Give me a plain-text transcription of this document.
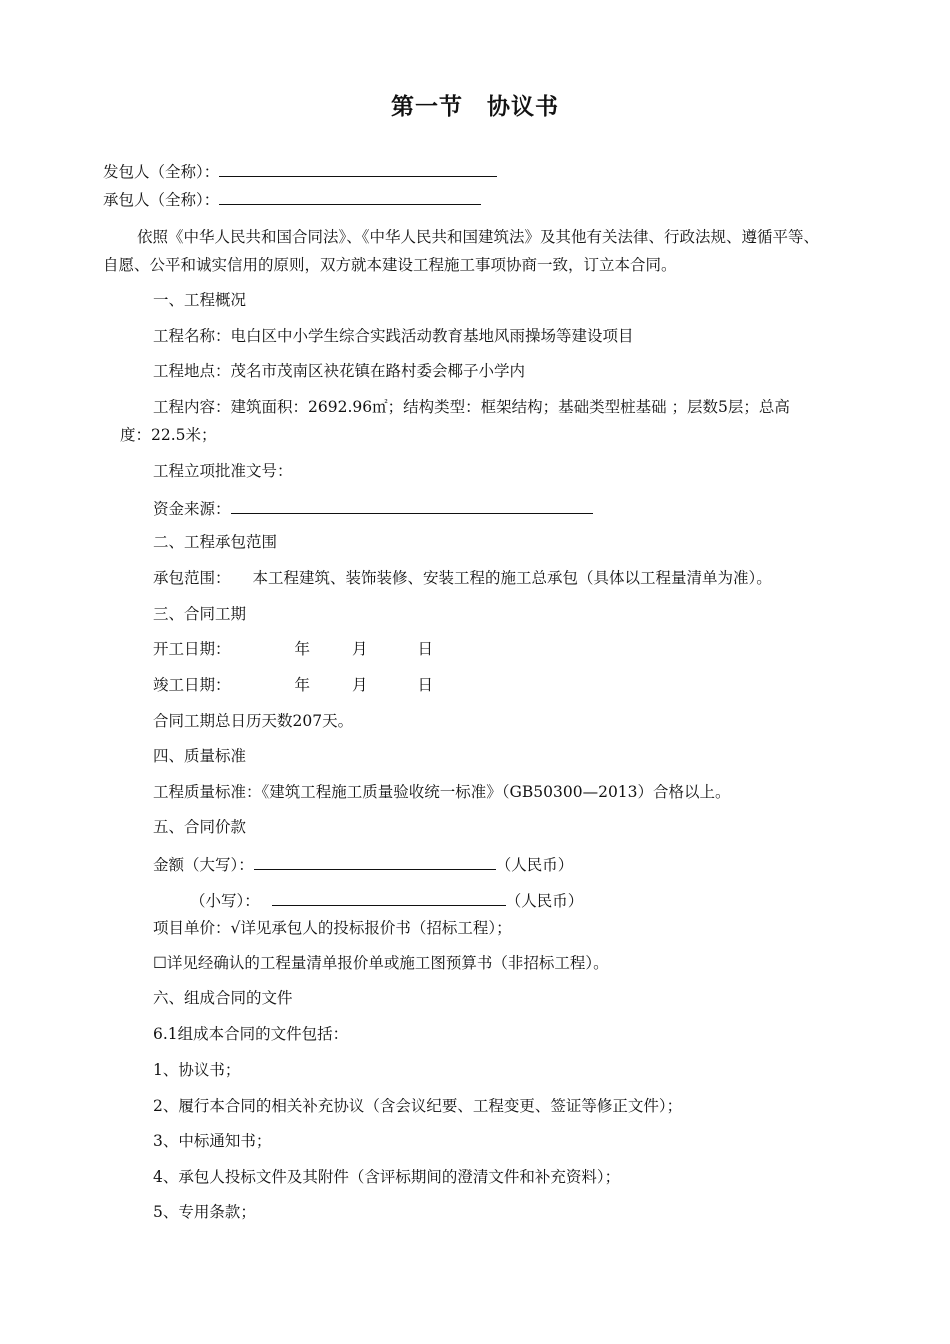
第一节　协议书
发包人（全称）：
承包人（全称）：
依照《中华人民共和国合同法》、《中华人民共和国建筑法》及其他有关法律、行政法规、遵循平等、
自愿、公平和诚实信用的原则，双方就本建设工程施工事项协商一致，订立本合同。
一、工程概况
工程名称：电白区中小学生综合实践活动教育基地风雨操场等建设项目
工程地点：茂名市茂南区袂花镇在路村委会椰子小学内
工程内容：建筑面积：2692.96㎡；结构类型：框架结构；基础类型桩基础 ；层数5层；总高
度：22.5米；
工程立项批准文号：
资金来源：
二、工程承包范围
承包范围： 本工程建筑、装饰装修、安装工程的施工总承包（具体以工程量清单为准）。
三、合同工期
开工日期：	年	月	日
竣工日期：	年	月	日
合同工期总日历天数207天。
四、质量标准
工程质量标准：《建筑工程施工质量验收统一标准》（GB50300—2013）合格以上。
五、合同价款
金额（大写）：	（人民币）
（小写）：	（人民币）
项目单价：√详见承包人的投标报价书（招标工程）；
☐详见经确认的工程量清单报价单或施工图预算书（非招标工程）。
六、组成合同的文件
6.1组成本合同的文件包括：
1、协议书；
2、履行本合同的相关补充协议（含会议纪要、工程变更、签证等修正文件）；
3、中标通知书；
4、承包人投标文件及其附件（含评标期间的澄清文件和补充资料）；
5、专用条款；
